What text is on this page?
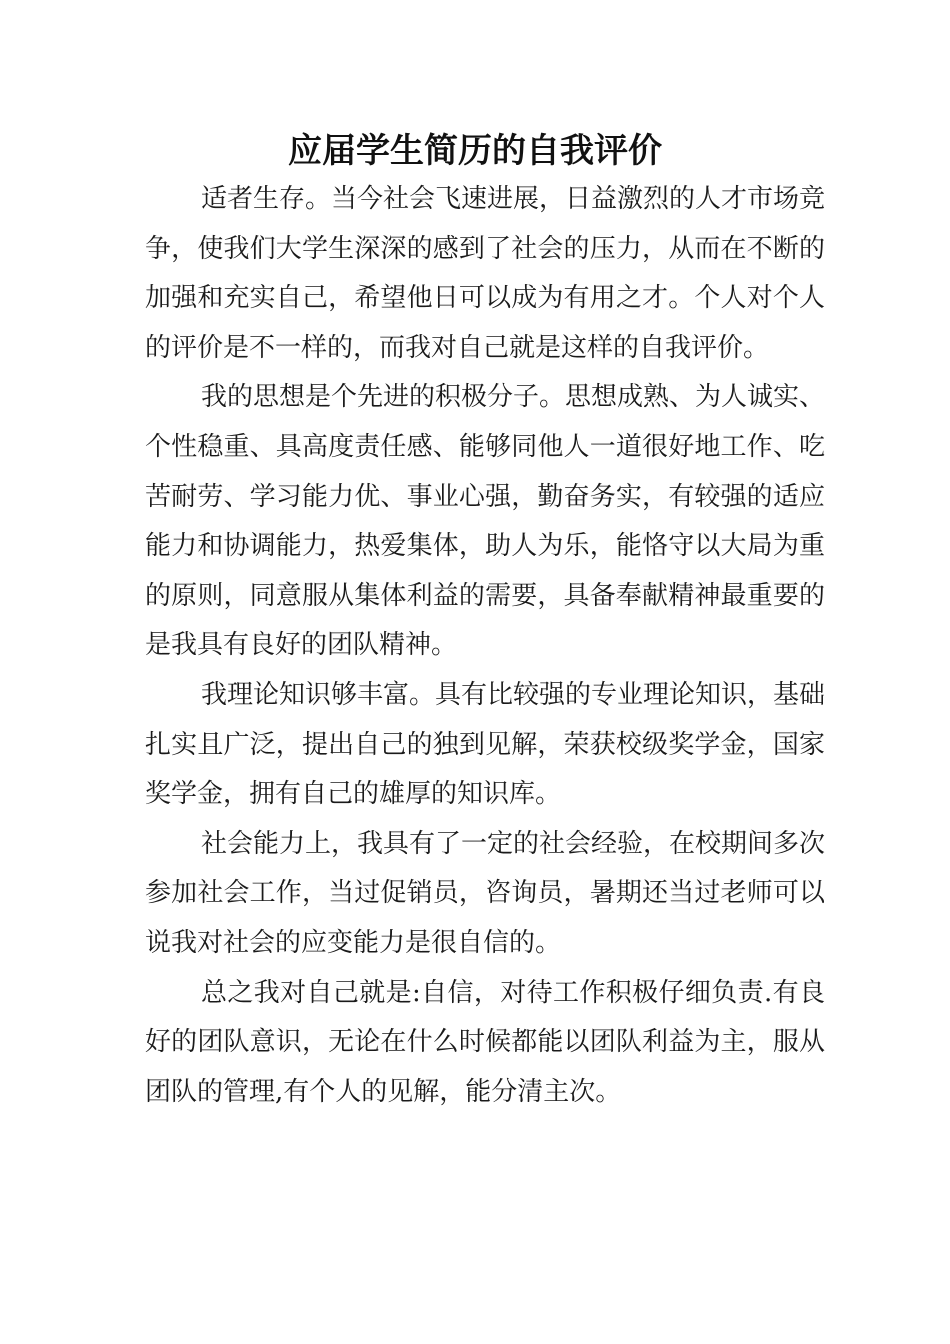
应届学生简历的自我评价

适者生存。当今社会飞速进展，日益激烈的人才市场竞争，使我们大学生深深的感到了社会的压力，从而在不断的加强和充实自己，希望他日可以成为有用之才。个人对个人的评价是不一样的，而我对自己就是这样的自我评价。

我的思想是个先进的积极分子。思想成熟、为人诚实、个性稳重、具高度责任感、能够同他人一道很好地工作、吃苦耐劳、学习能力优、事业心强，勤奋务实，有较强的适应能力和协调能力，热爱集体，助人为乐，能恪守以大局为重的原则，同意服从集体利益的需要，具备奉献精神最重要的是我具有良好的团队精神。

我理论知识够丰富。具有比较强的专业理论知识，基础扎实且广泛，提出自己的独到见解，荣获校级奖学金，国家奖学金，拥有自己的雄厚的知识库。

社会能力上，我具有了一定的社会经验，在校期间多次参加社会工作，当过促销员，咨询员，暑期还当过老师可以说我对社会的应变能力是很自信的。

总之我对自己就是:自信，对待工作积极仔细负责.有良好的团队意识，无论在什么时候都能以团队利益为主，服从团队的管理,有个人的见解，能分清主次。
